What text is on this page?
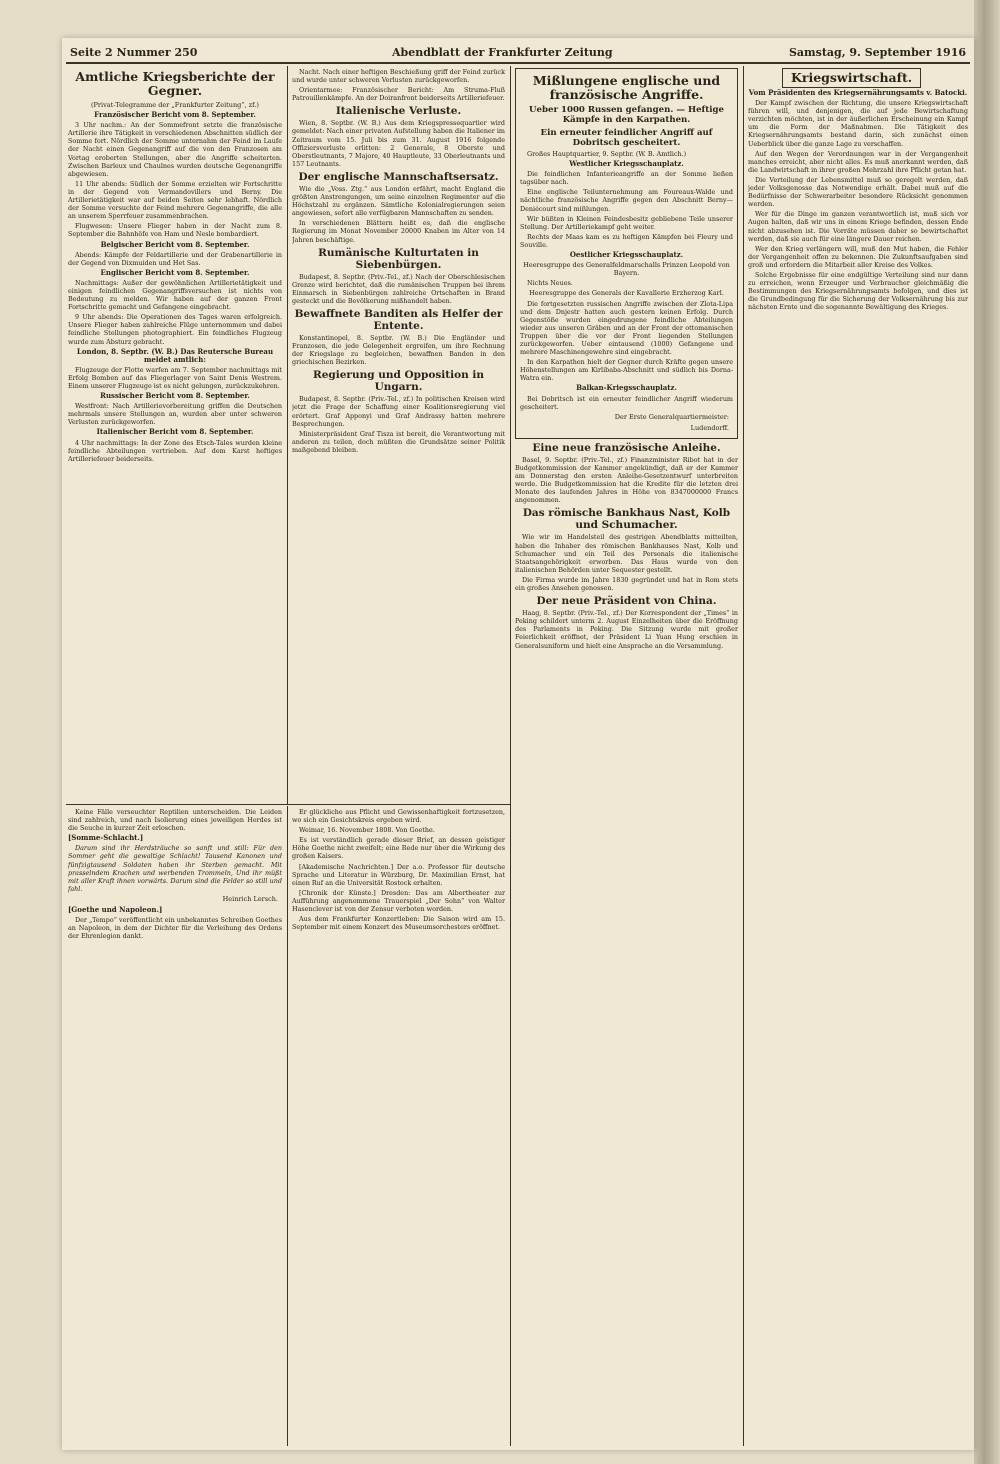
Seite 2 Nummer 250	Abendblatt der Frankfurter Zeitung	Samstag, 9. September 1916
Amtliche Kriegsberichte der Gegner.
(Privat-Telegramme der „Frankfurter Zeitung“, zf.)
Französischer Bericht vom 8. September.

3 Uhr nachm.: An der Sommefront setzte die französische Artillerie ihre Tätigkeit in verschiedenen Abschnitten südlich der Somme fort. Nördlich der Somme unternahm der Feind im Laufe der Nacht einen Gegenangriff auf die von den Franzosen am Vortag eroberten Stellungen, aber die Angriffe scheiterten. Zwischen Barleux und Chaulnes wurden deutsche Gegenangriffe abgewiesen.

11 Uhr abends: Südlich der Somme erzielten wir Fortschritte in der Gegend von Vermandovillers und Berny. Die Artillerietätigkeit war auf beiden Seiten sehr lebhaft. Nördlich der Somme versuchte der Feind mehrere Gegenangriffe, die alle an unserem Sperrfeuer zusammenbrachen.

Flugwesen: Unsere Flieger haben in der Nacht zum 8. September die Bahnhöfe von Ham und Nesle bombardiert.

Belgischer Bericht vom 8. September.

Abends: Kämpfe der Feldartillerie und der Grabenartillerie in der Gegend von Dixmuiden und Het Sas.

Englischer Bericht vom 8. September.

Nachmittags: Außer der gewöhnlichen Artillerietätigkeit und einigen feindlichen Gegenangriffsversuchen ist nichts von Bedeutung zu melden. Wir haben auf der ganzen Front Fortschritte gemacht und Gefangene eingebracht.

9 Uhr abends: Die Operationen des Tages waren erfolgreich. Unsere Flieger haben zahlreiche Flüge unternommen und dabei feindliche Stellungen photographiert. Ein feindliches Flugzeug wurde zum Absturz gebracht.

London, 8. Septbr. (W. B.) Das Reutersche Bureau meldet amtlich:

Flugzeuge der Flotte warfen am 7. September nachmittags mit Erfolg Bomben auf das Fliegerlager von Saint Denis Westrem. Einem unserer Flugzeuge ist es nicht gelungen, zurückzukehren.

Russischer Bericht vom 8. September.

Westfront: Nach Artillerievorbereitung griffen die Deutschen mehrmals unsere Stellungen an, wurden aber unter schweren Verlusten zurückgeworfen.

Italienischer Bericht vom 8. September.

4 Uhr nachmittags: In der Zone des Etsch-Tales wurden kleine feindliche Abteilungen vertrieben. Auf dem Karst heftiges Artilleriefeuer beiderseits.

Nacht. Nach einer heftigen Beschießung griff der Feind zurück und wurde unter schweren Verlusten zurückgeworfen.

Orientarmee: Französischer Bericht: Am Struma-Fluß Patrouillenkämpfe. An der Doiranfront beiderseits Artilleriefeuer.

Italienische Verluste.

Wien, 8. Septbr. (W. B.) Aus dem Kriegspressequartier wird gemeldet: Nach einer privaten Aufstellung haben die Italiener im Zeitraum vom 15. Juli bis zum 31. August 1916 folgende Offiziersverluste erlitten: 2 Generale, 8 Oberste und Oberstleutnants, 7 Majore, 40 Hauptleute, 33 Oberleutnants und 157 Leutnants.

Der englische Mannschaftsersatz.

Wie die „Voss. Ztg.“ aus London erfährt, macht England die größten Anstrengungen, um seine einzelnen Regimenter auf die Höchstzahl zu ergänzen. Sämtliche Kolonialregierungen seien angewiesen, sofort alle verfügbaren Mannschaften zu senden.

In verschiedenen Blättern heißt es, daß die englische Regierung im Monat November 20000 Knaben im Alter von 14 Jahren beschäftige.

Rumänische Kulturtaten in Siebenbürgen.

Budapest, 8. Septbr. (Priv.-Tel., zf.) Nach der Oberschlesischen Grenze wird berichtet, daß die rumänischen Truppen bei ihrem Einmarsch in Siebenbürgen zahlreiche Ortschaften in Brand gesteckt und die Bevölkerung mißhandelt haben.

Bewaffnete Banditen als Helfer der Entente.

Konstantinopel, 8. Septbr. (W. B.) Die Engländer und Franzosen, die jede Gelegenheit ergreifen, um ihre Rechnung der Kriegslage zu begleichen, bewaffnen Banden in den griechischen Bezirken.

Regierung und Opposition in Ungarn.

Budapest, 8. Septbr. (Priv.-Tel., zf.) In politischen Kreisen wird jetzt die Frage der Schaffung einer Koalitionsregierung viel erörtert. Graf Apponyi und Graf Andrassy hatten mehrere Besprechungen.

Ministerpräsident Graf Tisza ist bereit, die Verantwortung mit anderen zu teilen, doch müßten die Grundsätze seiner Politik maßgebend bleiben.

Mißlungene englische und französische Angriffe.
Ueber 1000 Russen gefangen. — Heftige Kämpfe in den Karpathen.
Ein erneuter feindlicher Angriff auf Dobritsch gescheitert.

Großes Hauptquartier, 9. Septbr. (W. B. Amtlich.)

Westlicher Kriegsschauplatz.

Die feindlichen Infanterieangriffe an der Somme ließen tagsüber nach.

Eine englische Teilunternehmung am Foureaux-Walde und nächtliche französische Angriffe gegen den Abschnitt Berny—Deniécourt sind mißlungen.

Wir büßten in Kleinen Feindesbesitz gebliebene Teile unserer Stellung. Der Artilleriekampf geht weiter.

Rechts der Maas kam es zu heftigen Kämpfen bei Fleury und Souville.

Oestlicher Kriegsschauplatz.
Heeresgruppe des Generalfeldmarschalls Prinzen Leopold von Bayern.

Nichts Neues.

Heeresgruppe des Generals der Kavallerie Erzherzog Karl.

Die fortgesetzten russischen Angriffe zwischen der Zlota-Lipa und dem Dnjestr hatten auch gestern keinen Erfolg. Durch Gegenstöße wurden eingedrungene feindliche Abteilungen wieder aus unseren Gräben und an der Front der ottomanischen Truppen über die vor der Front liegenden Stellungen zurückgeworfen. Ueber eintausend (1000) Gefangene und mehrere Maschinengewehre sind eingebracht.

In den Karpathen hielt der Gegner durch Kräfte gegen unsere Höhenstellungen am Kirlibaba-Abschnitt und südlich bis Dorna-Watra ein.

Balkan-Kriegsschauplatz.

Bei Dobritsch ist ein erneuter feindlicher Angriff wiederum gescheitert.

Der Erste Generalquartiermeister:
Ludendorff.
Eine neue französische Anleihe.

Basel, 9. Septbr. (Priv.-Tel., zf.) Finanzminister Ribot hat in der Budgetkommission der Kammer angekündigt, daß er der Kammer am Donnerstag den ersten Anleihe-Gesetzentwurf unterbreiten werde. Die Budgetkommission hat die Kredite für die letzten drei Monate des laufenden Jahres in Höhe von 8347000000 Francs angenommen.

Das römische Bankhaus Nast, Kolb und Schumacher.

Wie wir im Handelsteil des gestrigen Abendblatts mitteilten, haben die Inhaber des römischen Bankhauses Nast, Kolb und Schumacher und ein Teil des Personals die italienische Staatsangehörigkeit erworben. Das Haus wurde von den italienischen Behörden unter Sequester gestellt.

Die Firma wurde im Jahre 1830 gegründet und hat in Rom stets ein großes Ansehen genossen.

Der neue Präsident von China.

Haag, 8. Septbr. (Priv.-Tel., zf.) Der Korrespondent der „Times“ in Peking schildert unterm 2. August Einzelheiten über die Eröffnung des Parlaments in Peking. Die Sitzung wurde mit großer Feierlichkeit eröffnet, der Präsident Li Yuan Hung erschien in Generalsuniform und hielt eine Ansprache an die Versammlung.

Kriegswirtschaft.
Vom Präsidenten des Kriegsernährungsamts v. Batocki.

Der Kampf zwischen der Richtung, die unsere Kriegswirtschaft führen will, und denjenigen, die auf jede Bewirtschaftung verzichten möchten, ist in der äußerlichen Erscheinung ein Kampf um die Form der Maßnahmen. Die Tätigkeit des Kriegsernährungsamts bestand darin, sich zunächst einen Ueberblick über die ganze Lage zu verschaffen.

Auf den Wegen der Verordnungen war in der Vergangenheit manches erreicht, aber nicht alles. Es muß anerkannt werden, daß die Landwirtschaft in ihrer großen Mehrzahl ihre Pflicht getan hat.

Die Verteilung der Lebensmittel muß so geregelt werden, daß jeder Volksgenosse das Notwendige erhält. Dabei muß auf die Bedürfnisse der Schwerarbeiter besondere Rücksicht genommen werden.

Wer für die Dinge im ganzen verantwortlich ist, muß sich vor Augen halten, daß wir uns in einem Kriege befinden, dessen Ende nicht abzusehen ist. Die Vorräte müssen daher so bewirtschaftet werden, daß sie auch für eine längere Dauer reichen.

Wer den Krieg verlängern will, muß den Mut haben, die Fehler der Vergangenheit offen zu bekennen. Die Zukunftsaufgaben sind groß und erfordern die Mitarbeit aller Kreise des Volkes.

Solche Ergebnisse für eine endgültige Verteilung sind nur dann zu erreichen, wenn Erzeuger und Verbraucher gleichmäßig die Bestimmungen des Kriegsernährungsamts befolgen, und dies ist die Grundbedingung für die Sicherung der Volksernährung bis zur nächsten Ernte und die sogenannte Bewältigung des Krieges.

Keine Fälle verseuchter Reptilien unterscheiden. Die Leiden sind zahlreich, und nach Isolierung eines jeweiligen Herdes ist die Seuche in kurzer Zeit erloschen.

[Somme-Schlacht.]

Darum sind ihr Herdsträuche so sanft und still: Für den Sommer geht die gewaltige Schlacht! Tausend Kanonen und fünfzigtausend Soldaten haben ihr Sterben gemacht. Mit prasselndem Krachen und werbenden Trommeln, Und ihr müßt mit aller Kraft ihnen vorwärts. Darum sind die Felder so still und fahl.

Heinrich Lersch.
[Goethe und Napoleon.]

Der „Tempo“ veröffentlicht ein unbekanntes Schreiben Goethes an Napoleon, in dem der Dichter für die Verleihung des Ordens der Ehrenlegion dankt.

Er glückliche aus Pflicht und Gewissenhaftigkeit fortzusetzen, wo sich ein Gesichtskreis ergeben wird.

Weimar, 16. November 1808. Von Goethe.

Es ist verständlich gerade dieser Brief, an dessen geistiger Höhe Goethe nicht zweifelt; eine Rede nur über die Wirkung des großen Kaisers.

[Akademische Nachrichten.] Der a.o. Professor für deutsche Sprache und Literatur in Würzburg, Dr. Maximilian Ernst, hat einen Ruf an die Universität Rostock erhalten.

[Chronik der Künste.] Dresden: Das am Albertheater zur Aufführung angenommene Trauerspiel „Der Sohn“ von Walter Hasenclever ist von der Zensur verboten worden.

Aus dem Frankfurter Konzertleben: Die Saison wird am 15. September mit einem Konzert des Museumsorchesters eröffnet.
